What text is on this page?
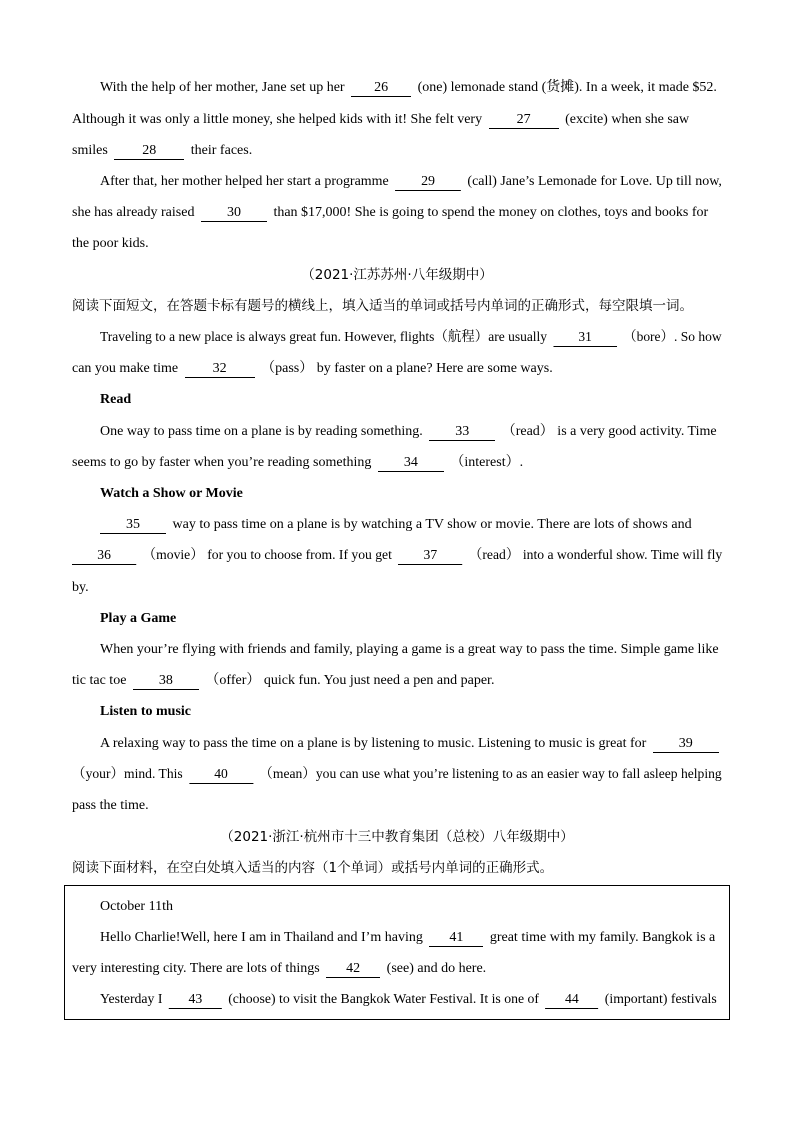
With the help of her mother, Jane set up her 26 (one) lemonade stand (货摊). In a week, it made $52.
Although it was only a little money, she helped kids with it! She felt very 27 (excite) when she saw
smiles 28 their faces.
After that, her mother helped her start a programme 29 (call) Jane’s Lemonade for Love. Up till now,
she has already raised 30 than $17,000! She is going to spend the money on clothes, toys and books for
the poor kids.
（2021·江苏苏州·八年级期中）
阅读下面短文，在答题卡标有题号的横线上，填入适当的单词或括号内单词的正确形式，每空限填一词。
Traveling to a new place is always great fun. However, flights（航程）are usually 31 （bore）. So how
can you make time 32 （pass） by faster on a plane? Here are some ways.
Read
One way to pass time on a plane is by reading something. 33 （read） is a very good activity. Time
seems to go by faster when you’re reading something 34 （interest）.
Watch a Show or Movie
35 way to pass time on a plane is by watching a TV show or movie. There are lots of shows and
36 （movie） for you to choose from. If you get 37 （read） into a wonderful show. Time will fly
by.
Play a Game
When your’re flying with friends and family, playing a game is a great way to pass the time. Simple game like
tic tac toe 38 （offer） quick fun. You just need a pen and paper.
Listen to music
A relaxing way to pass the time on a plane is by listening to music. Listening to music is great for 39
（your）mind. This 40 （mean）you can use what you’re listening to as an easier way to fall asleep helping
pass the time.
（2021·浙江·杭州市十三中教育集团（总校）八年级期中）
阅读下面材料，在空白处填入适当的内容（1个单词）或括号内单词的正确形式。
October 11th
Hello Charlie!Well, here I am in Thailand and I’m having 41 great time with my family. Bangkok is a
very interesting city. There are lots of things 42 (see) and do here.
Yesterday I 43 (choose) to visit the Bangkok Water Festival. It is one of 44 (important) festivals
